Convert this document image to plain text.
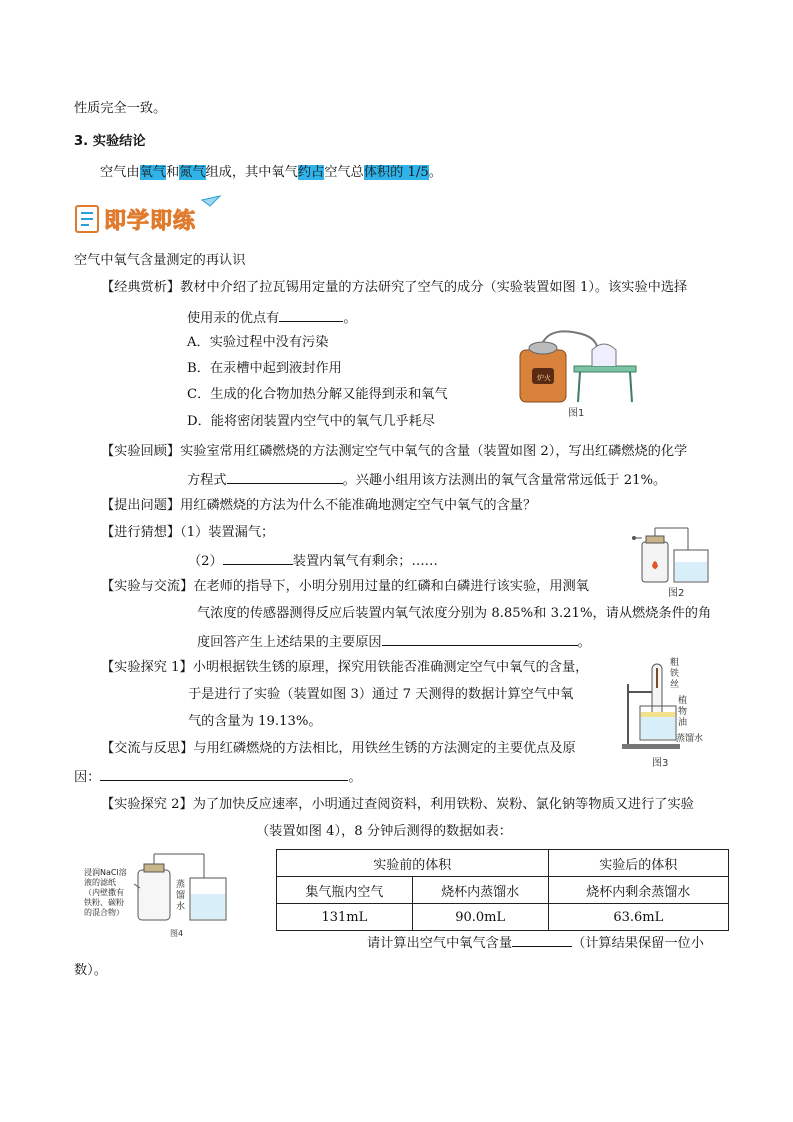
性质完全一致。
3. 实验结论
空气由氧气和氮气组成，其中氧气约占空气总体积的 1/5。
即学即练
空气中氧气含量测定的再认识
【经典赏析】教材中介绍了拉瓦锡用定量的方法研究了空气的成分（实验装置如图 1）。该实验中选择
使用汞的优点有	。
A．实验过程中没有污染
B．在汞槽中起到液封作用
C．生成的化合物加热分解又能得到汞和氧气
D．能将密闭装置内空气中的氧气几乎耗尽
炉火
图1
【实验回顾】实验室常用红磷燃烧的方法测定空气中氧气的含量（装置如图 2），写出红磷燃烧的化学
方程式	。兴趣小组用该方法测出的氧气含量常常远低于 21%。
【提出问题】用红磷燃烧的方法为什么不能准确地测定空气中氧气的含量？
【进行猜想】（1）装置漏气；
（2）	装置内氧气有剩余；……
图2
【实验与交流】在老师的指导下，小明分别用过量的红磷和白磷进行该实验，用测氧
气浓度的传感器测得反应后装置内氧气浓度分别为 8.85%和 3.21%，请从燃烧条件的角
度回答产生上述结果的主要原因	。
【实验探究 1】小明根据铁生锈的原理，探究用铁能否准确测定空气中氧气的含量，
于是进行了实验（装置如图 3）通过 7 天测得的数据计算空气中氧
气的含量为 19.13%。
粗
铁
丝
植
物
油
蒸馏水
图3
【交流与反思】与用红磷燃烧的方法相比，用铁丝生锈的方法测定的主要优点及原
因：	。
【实验探究 2】为了加快反应速率，小明通过查阅资料，利用铁粉、炭粉、氯化钠等物质又进行了实验
（装置如图 4），8 分钟后测得的数据如表：
浸润NaCl溶
液的滤纸
（内壁撒有
铁粉、碳粉
的混合物）
蒸
馏
水
图4
实验前的体积		实验后的体积
集气瓶内空气	烧杯内蒸馏水	烧杯内剩余蒸馏水
131mL	90.0mL	63.6mL
请计算出空气中氧气含量	（计算结果保留一位小
数）。
